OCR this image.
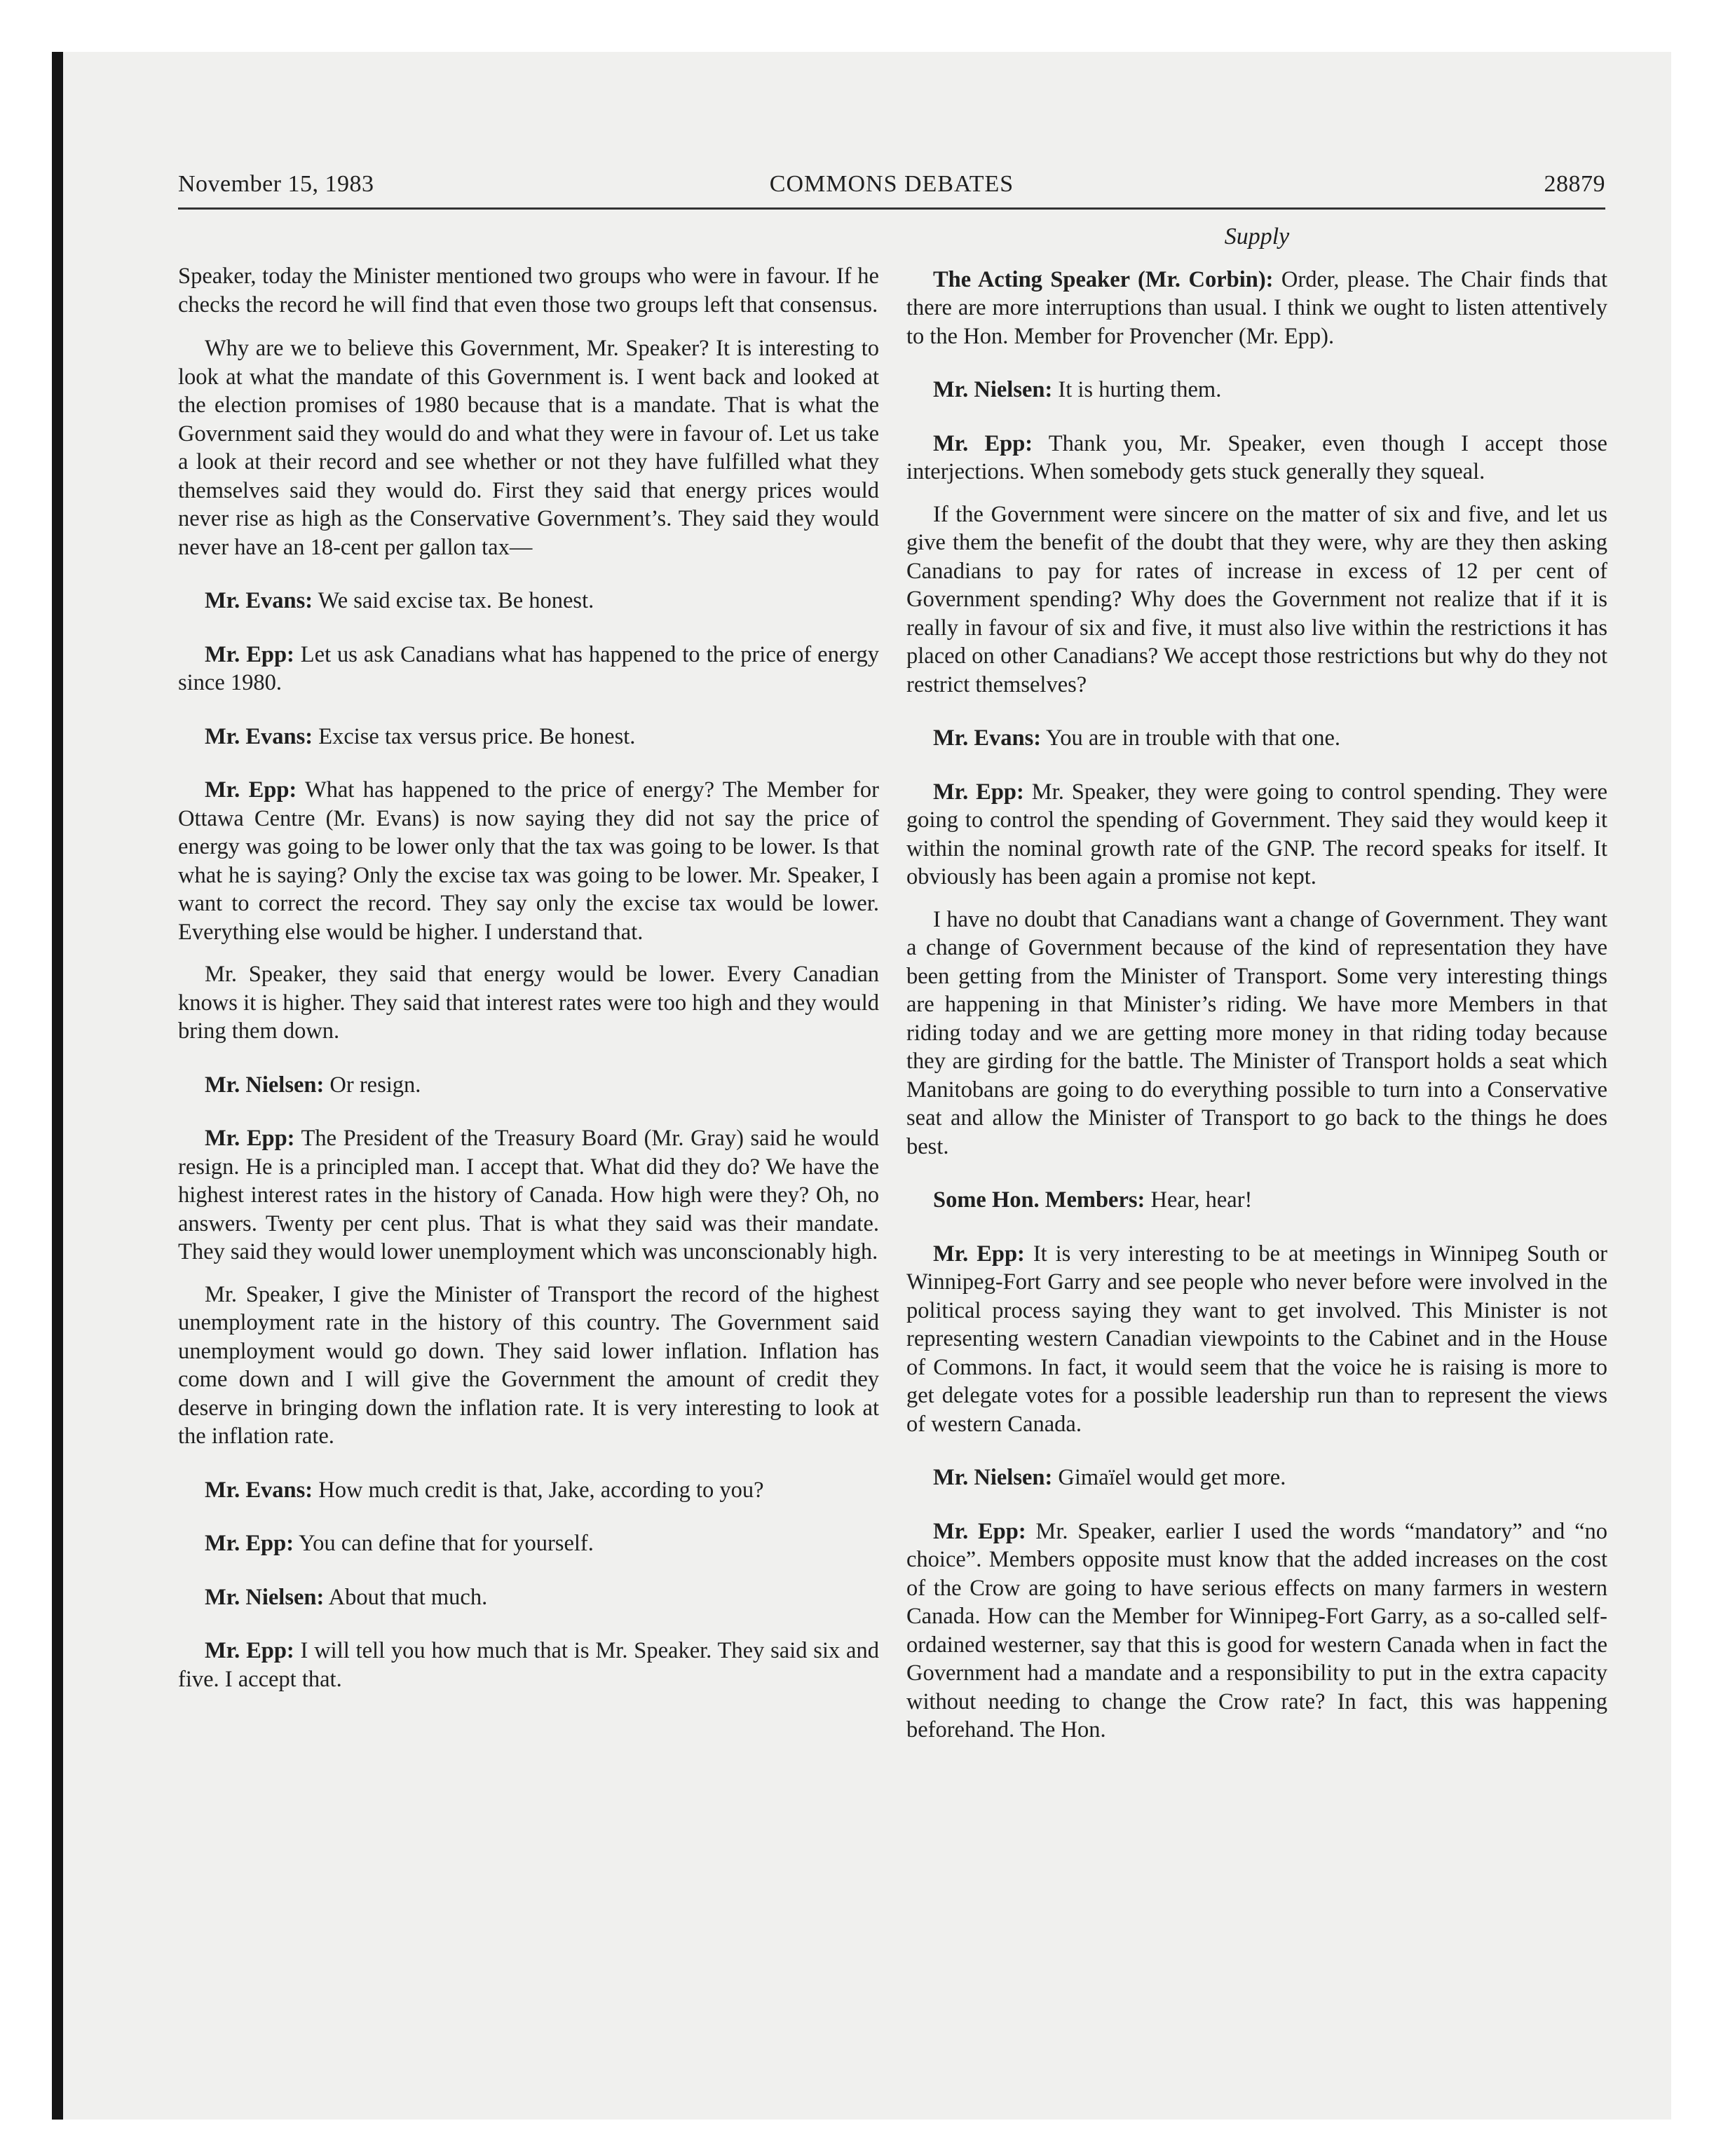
COMMONS DEBATES
November 15, 1983	28879

Speaker, today the Minister mentioned two groups who were in favour. If he checks the record he will find that even those two groups left that consensus.

Why are we to believe this Government, Mr. Speaker? It is interesting to look at what the mandate of this Government is. I went back and looked at the election promises of 1980 because that is a mandate. That is what the Government said they would do and what they were in favour of. Let us take a look at their record and see whether or not they have fulfilled what they themselves said they would do. First they said that energy prices would never rise as high as the Conservative Government’s. They said they would never have an 18-cent per gallon tax—

Mr. Evans: We said excise tax. Be honest.

Mr. Epp: Let us ask Canadians what has happened to the price of energy since 1980.

Mr. Evans: Excise tax versus price. Be honest.

Mr. Epp: What has happened to the price of energy? The Member for Ottawa Centre (Mr. Evans) is now saying they did not say the price of energy was going to be lower only that the tax was going to be lower. Is that what he is saying? Only the excise tax was going to be lower. Mr. Speaker, I want to correct the record. They say only the excise tax would be lower. Everything else would be higher. I understand that.

Mr. Speaker, they said that energy would be lower. Every Canadian knows it is higher. They said that interest rates were too high and they would bring them down.

Mr. Nielsen: Or resign.

Mr. Epp: The President of the Treasury Board (Mr. Gray) said he would resign. He is a principled man. I accept that. What did they do? We have the highest interest rates in the history of Canada. How high were they? Oh, no answers. Twenty per cent plus. That is what they said was their mandate. They said they would lower unemployment which was unconscionably high.

Mr. Speaker, I give the Minister of Transport the record of the highest unemployment rate in the history of this country. The Government said unemployment would go down. They said lower inflation. Inflation has come down and I will give the Government the amount of credit they deserve in bringing down the inflation rate. It is very interesting to look at the inflation rate.

Mr. Evans: How much credit is that, Jake, according to you?

Mr. Epp: You can define that for yourself.

Mr. Nielsen: About that much.

Mr. Epp: I will tell you how much that is Mr. Speaker. They said six and five. I accept that.

Supply

The Acting Speaker (Mr. Corbin): Order, please. The Chair finds that there are more interruptions than usual. I think we ought to listen attentively to the Hon. Member for Provencher (Mr. Epp).

Mr. Nielsen: It is hurting them.

Mr. Epp: Thank you, Mr. Speaker, even though I accept those interjections. When somebody gets stuck generally they squeal.

If the Government were sincere on the matter of six and five, and let us give them the benefit of the doubt that they were, why are they then asking Canadians to pay for rates of increase in excess of 12 per cent of Government spending? Why does the Government not realize that if it is really in favour of six and five, it must also live within the restrictions it has placed on other Canadians? We accept those restrictions but why do they not restrict themselves?

Mr. Evans: You are in trouble with that one.

Mr. Epp: Mr. Speaker, they were going to control spending. They were going to control the spending of Government. They said they would keep it within the nominal growth rate of the GNP. The record speaks for itself. It obviously has been again a promise not kept.

I have no doubt that Canadians want a change of Government. They want a change of Government because of the kind of representation they have been getting from the Minister of Transport. Some very interesting things are happening in that Minister’s riding. We have more Members in that riding today and we are getting more money in that riding today because they are girding for the battle. The Minister of Transport holds a seat which Manitobans are going to do everything possible to turn into a Conservative seat and allow the Minister of Transport to go back to the things he does best.

Some Hon. Members: Hear, hear!

Mr. Epp: It is very interesting to be at meetings in Winnipeg South or Winnipeg-Fort Garry and see people who never before were involved in the political process saying they want to get involved. This Minister is not representing western Canadian viewpoints to the Cabinet and in the House of Commons. In fact, it would seem that the voice he is raising is more to get delegate votes for a possible leadership run than to represent the views of western Canada.

Mr. Nielsen: Gimaïel would get more.

Mr. Epp: Mr. Speaker, earlier I used the words “mandatory” and “no choice”. Members opposite must know that the added increases on the cost of the Crow are going to have serious effects on many farmers in western Canada. How can the Member for Winnipeg-Fort Garry, as a so-called self-ordained westerner, say that this is good for western Canada when in fact the Government had a mandate and a responsibility to put in the extra capacity without needing to change the Crow rate? In fact, this was happening beforehand. The Hon.
